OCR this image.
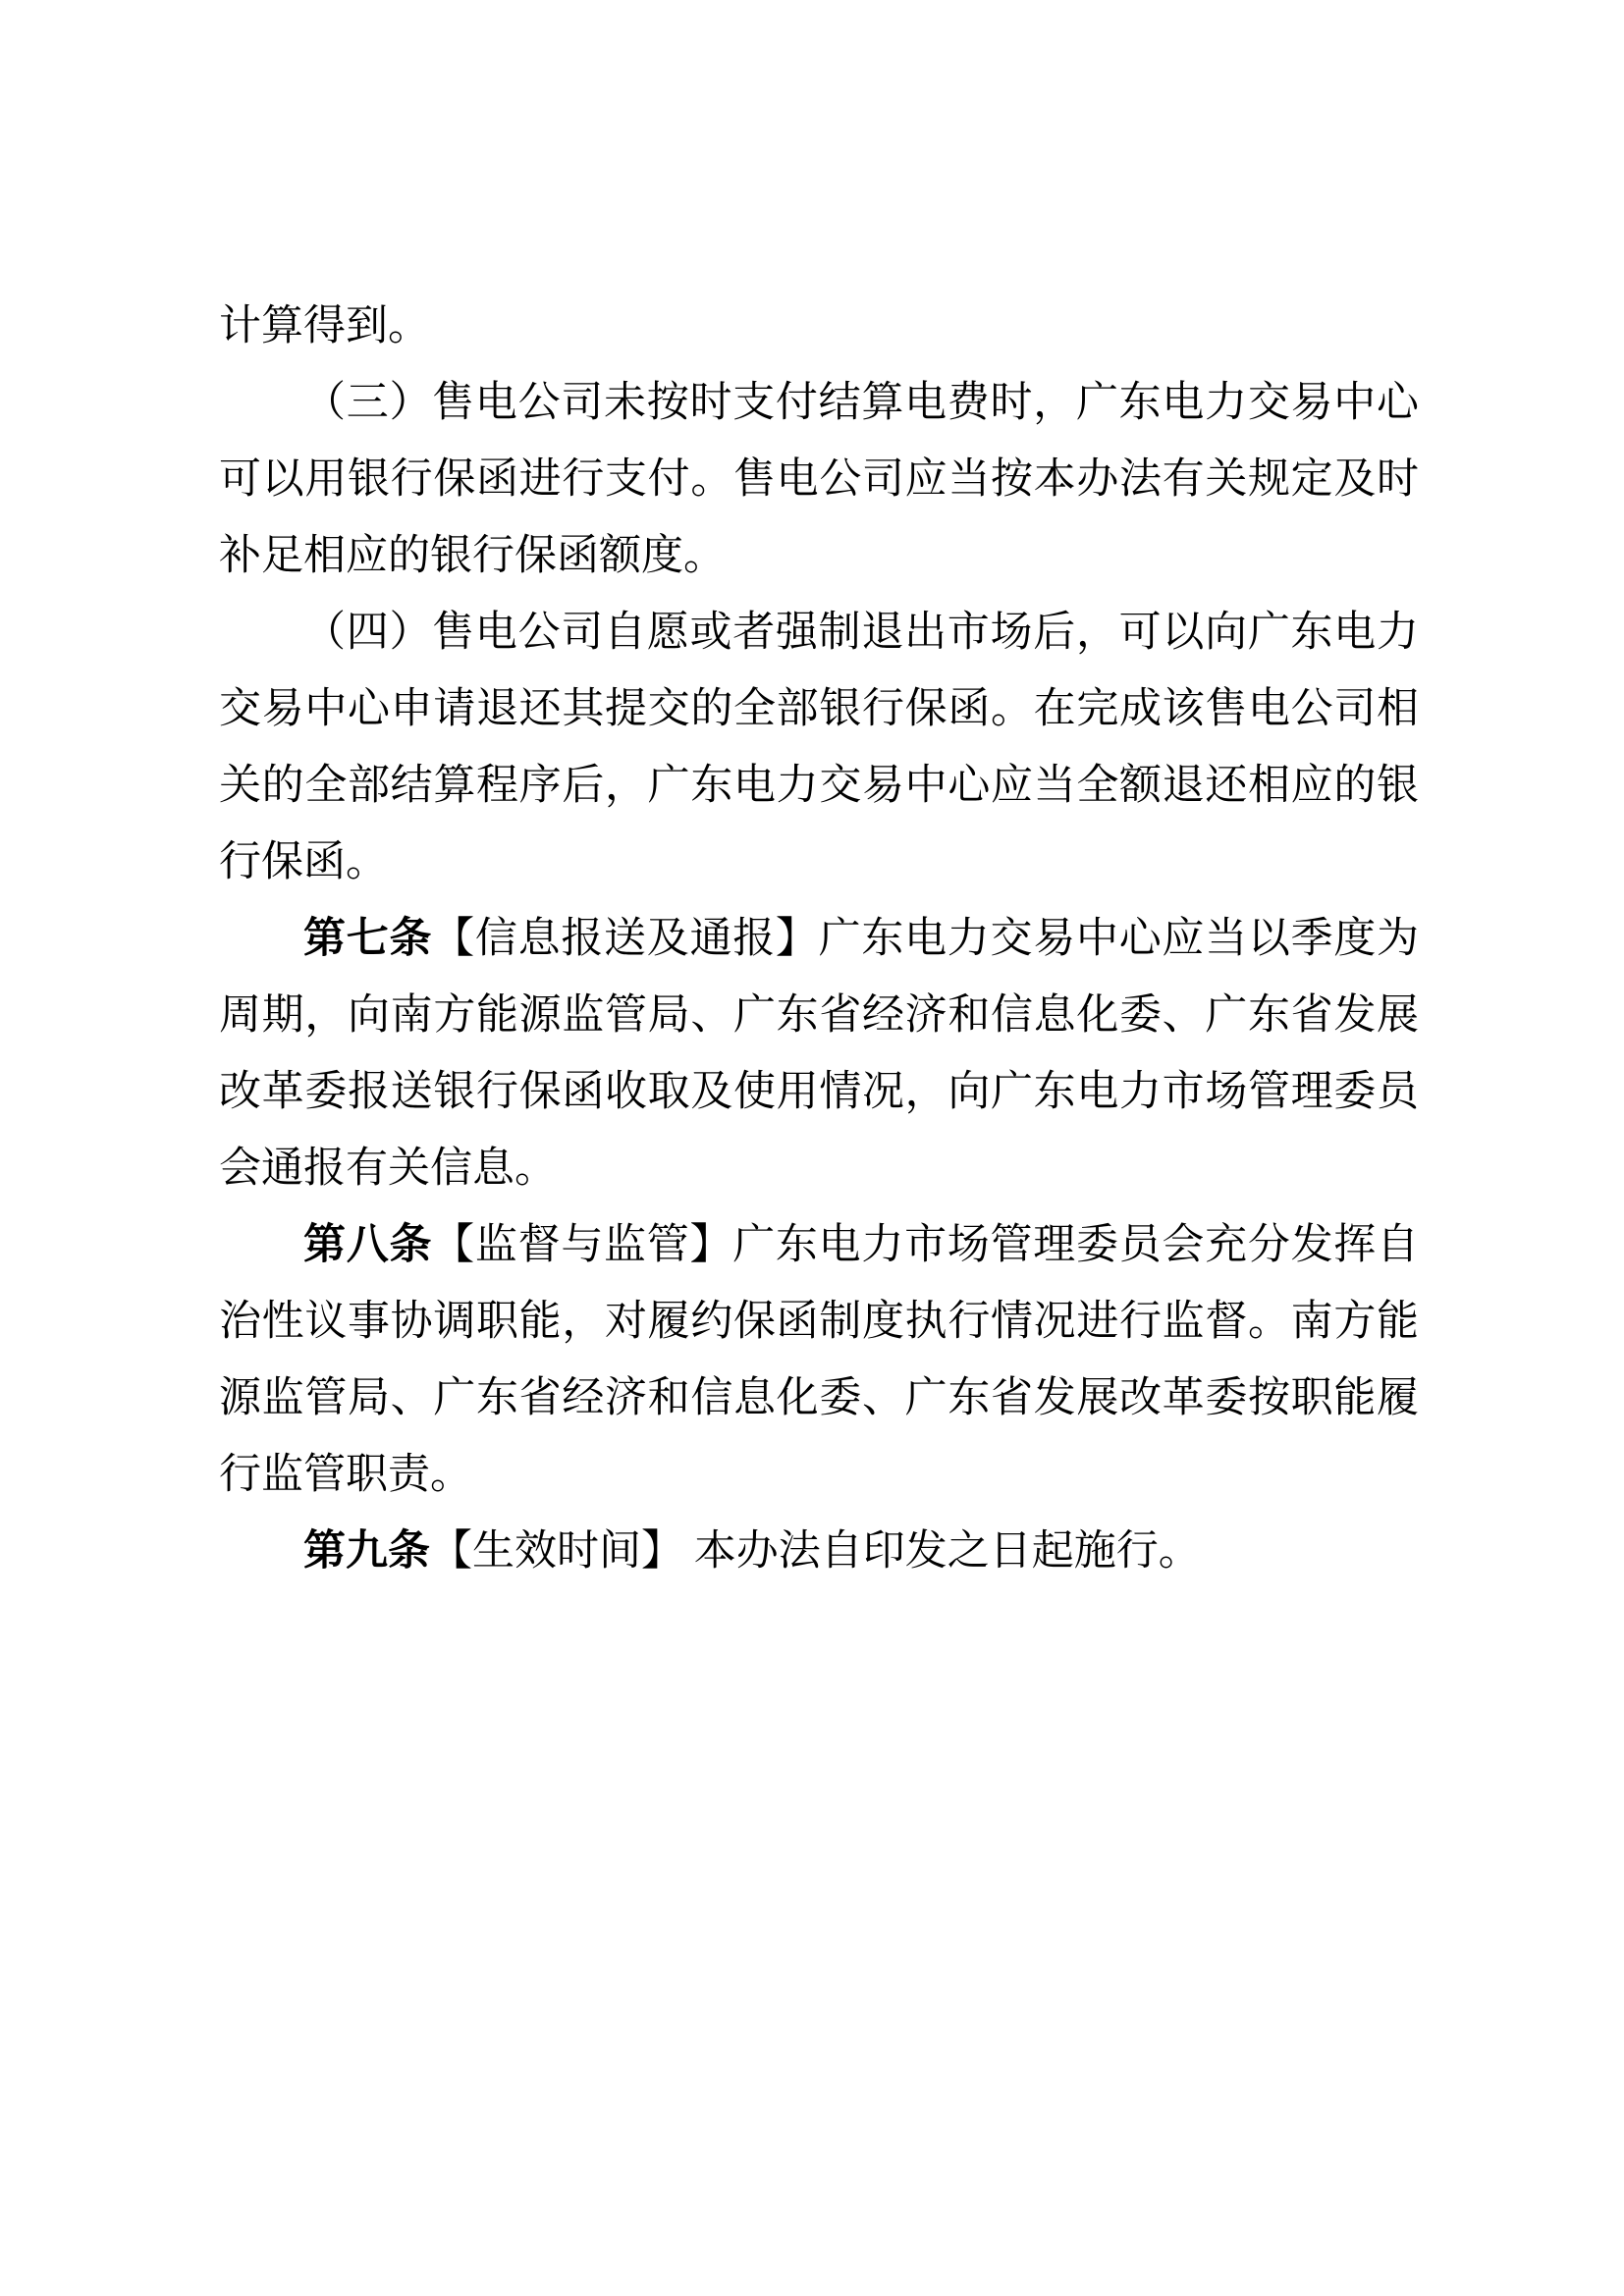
计算得到。
（三）售电公司未按时支付结算电费时，广东电力交易中心
可以用银行保函进行支付。售电公司应当按本办法有关规定及时
补足相应的银行保函额度。
（四）售电公司自愿或者强制退出市场后，可以向广东电力
交易中心申请退还其提交的全部银行保函。在完成该售电公司相
关的全部结算程序后，广东电力交易中心应当全额退还相应的银
行保函。
第七条【信息报送及通报】广东电力交易中心应当以季度为
周期，向南方能源监管局、广东省经济和信息化委、广东省发展
改革委报送银行保函收取及使用情况，向广东电力市场管理委员
会通报有关信息。
第八条【监督与监管】广东电力市场管理委员会充分发挥自
治性议事协调职能，对履约保函制度执行情况进行监督。南方能
源监管局、广东省经济和信息化委、广东省发展改革委按职能履
行监管职责。
第九条【生效时间】 本办法自印发之日起施行。
